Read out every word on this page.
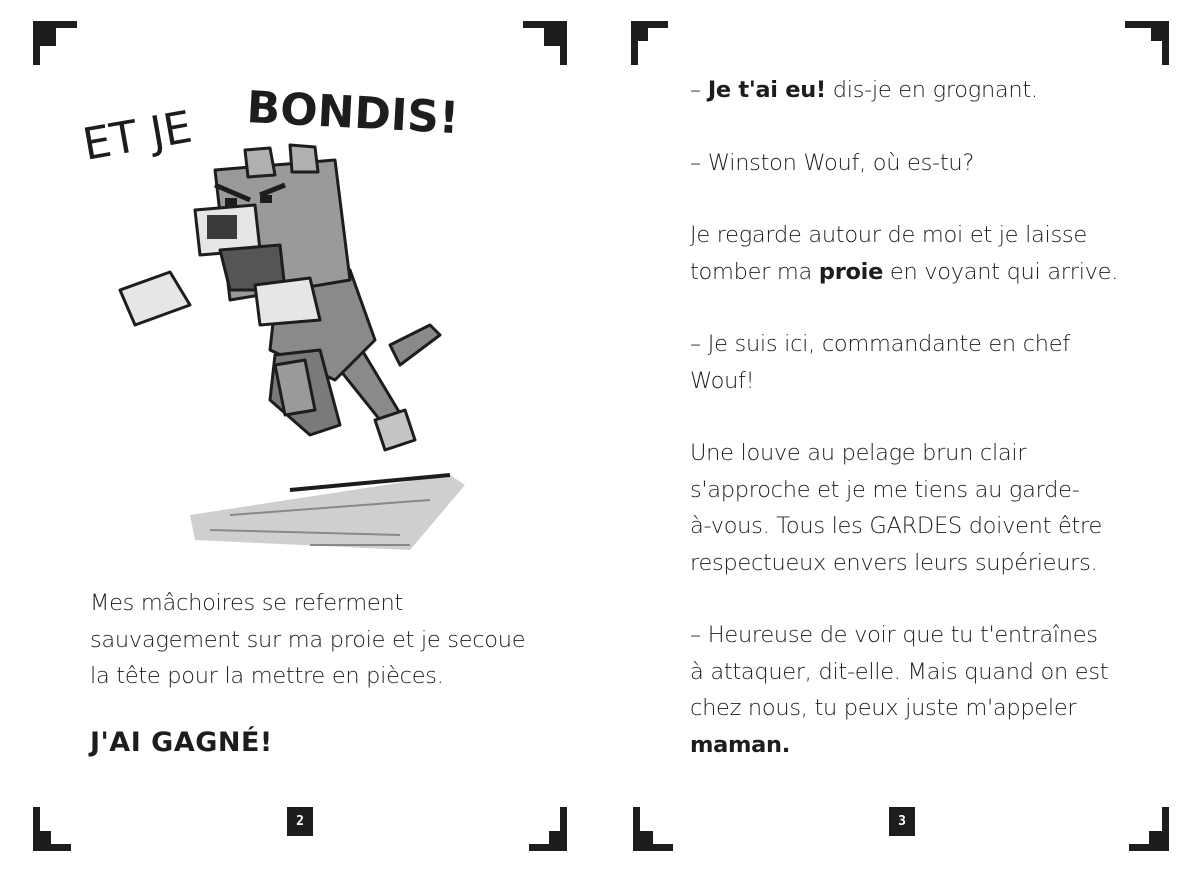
ET JE BONDIS!

Mes mâchoires se referment

sauvagement sur ma proie et je secoue

la tête pour la mettre en pièces.

J'AI GAGNÉ!
2

– Je t'ai eu! dis-je en grognant.

– Winston Wouf, où es-tu?

Je regarde autour de moi et je laisse

tomber ma proie en voyant qui arrive.

– Je suis ici, commandante en chef

Wouf!

Une louve au pelage brun clair

s'approche et je me tiens au garde-

à-vous. Tous les GARDES doivent être

respectueux envers leurs supérieurs.

– Heureuse de voir que tu t'entraînes

à attaquer, dit-elle. Mais quand on est

chez nous, tu peux juste m'appeler

maman.

3
